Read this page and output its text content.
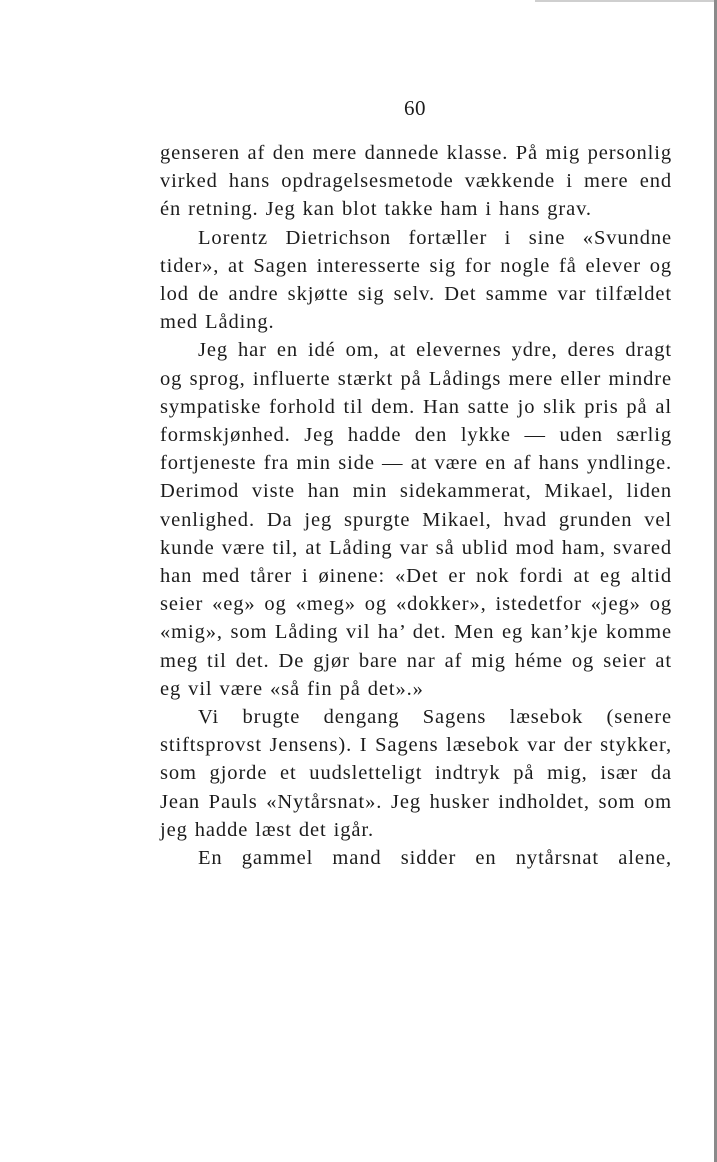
60

genseren af den mere dannede klasse. På mig personlig virked hans opdragelsesmetode vækkende i mere end én retning. Jeg kan blot takke ham i hans grav.

Lorentz Dietrichson fortæller i sine «Svundne tider», at Sagen interesserte sig for nogle få elever og lod de andre skjøtte sig selv. Det samme var tilfældet med Låding.

Jeg har en idé om, at elevernes ydre, deres dragt og sprog, influerte stærkt på Lådings mere eller mindre sympatiske forhold til dem. Han satte jo slik pris på al formskjønhed. Jeg hadde den lykke — uden særlig fortjeneste fra min side — at være en af hans yndlinge. Derimod viste han min sidekammerat, Mikael, liden venlighed. Da jeg spurgte Mikael, hvad grunden vel kunde være til, at Låding var så ublid mod ham, svared han med tårer i øinene: «Det er nok fordi at eg altid seier «eg» og «meg» og «dokker», istedetfor «jeg» og «mig», som Låding vil ha’ det. Men eg kan’kje komme meg til det. De gjør bare nar af mig héme og seier at eg vil være «så fin på det».»

Vi brugte dengang Sagens læsebok (senere stiftsprovst Jensens). I Sagens læsebok var der stykker, som gjorde et uudsletteligt indtryk på mig, især da Jean Pauls «Nytårsnat». Jeg husker indholdet, som om jeg hadde læst det igår.

En gammel mand sidder en nytårsnat alene,
